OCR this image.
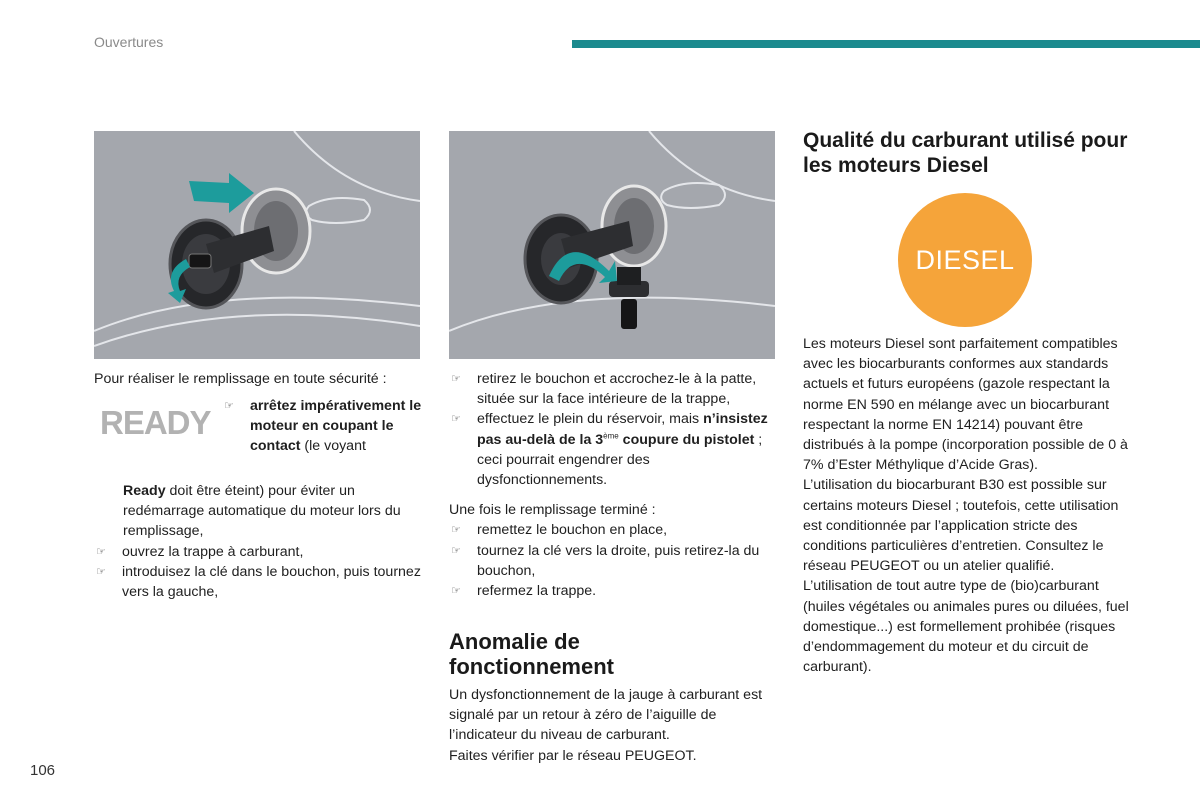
Ouvertures

Pour réaliser le remplissage en toute sécurité :

READY ☞ arrêtez impérativement le moteur en coupant le contact (le voyant

Ready doit être éteint) pour éviter un redémarrage automatique du moteur lors du remplissage,

☞ ouvrez la trappe à carburant,
☞ introduisez la clé dans le bouchon, puis tournez vers la gauche,
☞ retirez le bouchon et accrochez-le à la patte, située sur la face intérieure de la trappe,
☞ effectuez le plein du réservoir, mais n’insistez pas au-delà de la 3ème coupure du pistolet ; ceci pourrait engendrer des dysfonctionnements.

Une fois le remplissage terminé :

☞ remettez le bouchon en place,
☞ tournez la clé vers la droite, puis retirez-la du bouchon,
☞ refermez la trappe.
Anomalie de fonctionnement

Un dysfonctionnement de la jauge à carburant est signalé par un retour à zéro de l’aiguille de l’indicateur du niveau de carburant.

Faites vérifier par le réseau PEUGEOT.

Qualité du carburant utilisé pour les moteurs Diesel
DIESEL

Les moteurs Diesel sont parfaitement compatibles avec les biocarburants conformes aux standards actuels et futurs européens (gazole respectant la norme EN 590 en mélange avec un biocarburant respectant la norme EN 14214) pouvant être distribués à la pompe (incorporation possible de 0 à 7% d’Ester Méthylique d’Acide Gras).

L’utilisation du biocarburant B30 est possible sur certains moteurs Diesel ; toutefois, cette utilisation est conditionnée par l’application stricte des conditions particulières d’entretien. Consultez le réseau PEUGEOT ou un atelier qualifié.

L’utilisation de tout autre type de (bio)carburant (huiles végétales ou animales pures ou diluées, fuel domestique...) est formellement prohibée (risques d’endommagement du moteur et du circuit de carburant).

106
